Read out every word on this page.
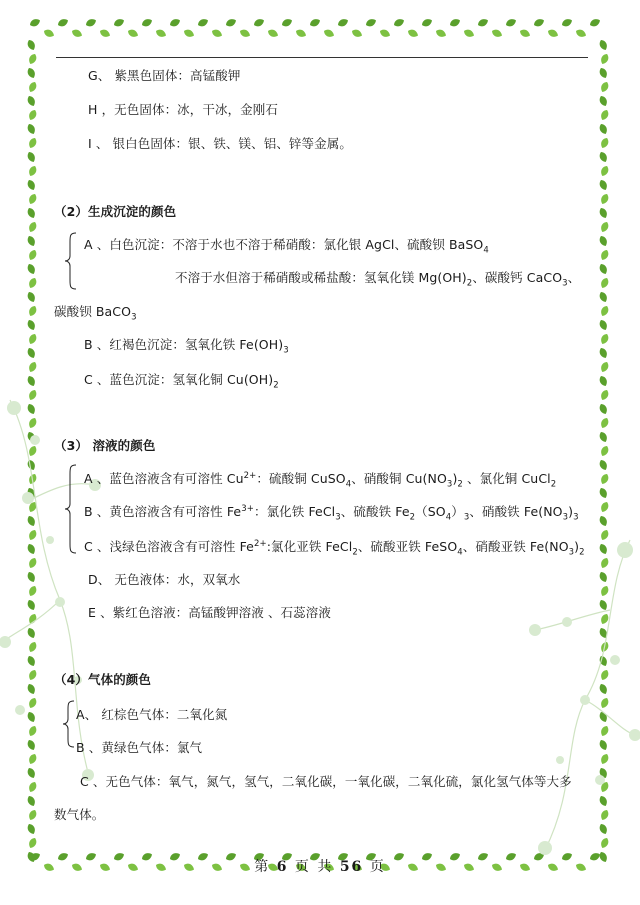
G、 紫黑色固体：高锰酸钾
H ，无色固体：冰，干冰，金刚石
I 、 银白色固体：银、铁、镁、铝、锌等金属。
（2）生成沉淀的颜色
A 、白色沉淀：不溶于水也不溶于稀硝酸：氯化银 AgCl、硫酸钡 BaSO$_4$
不溶于水但溶于稀硝酸或稀盐酸：氢氧化镁 $Mg(OH)_2$、碳酸钙 CaCO$_3$、
碳酸钡 BaCO$_3$
B 、红褐色沉淀：氢氧化铁 $Fe(OH)_3$
C 、蓝色沉淀：氢氧化铜 $Cu(OH)_2$
（3） 溶液的颜色
A 、蓝色溶液含有可溶性 $Cu^{2+}$：硫酸铜 CuSO$_4$、硝酸铜 $Cu(NO_3)_2$ 、氯化铜 CuCl$_2$
B 、黄色溶液含有可溶性 $Fe^{3+}$：氯化铁 FeCl$_3$、硫酸铁 $Fe_2(SO_4)_3$、硝酸铁 $Fe(NO_3)_3$
C 、浅绿色溶液含有可溶性 $Fe^{2+}$:氯化亚铁 FeCl$_2$、硫酸亚铁 FeSO$_4$、硝酸亚铁 $Fe(NO_3)_2$
D、 无色液体：水，双氧水
E 、紫红色溶液：高锰酸钾溶液 、石蕊溶液
（4）气体的颜色
A、 红棕色气体：二氧化氮
B 、黄绿色气体：氯气
C 、无色气体：氧气，氮气，氢气，二氧化碳，一氧化碳，二氧化硫，氯化氢气体等大多
数气体。
第 6 页 共 56 页
